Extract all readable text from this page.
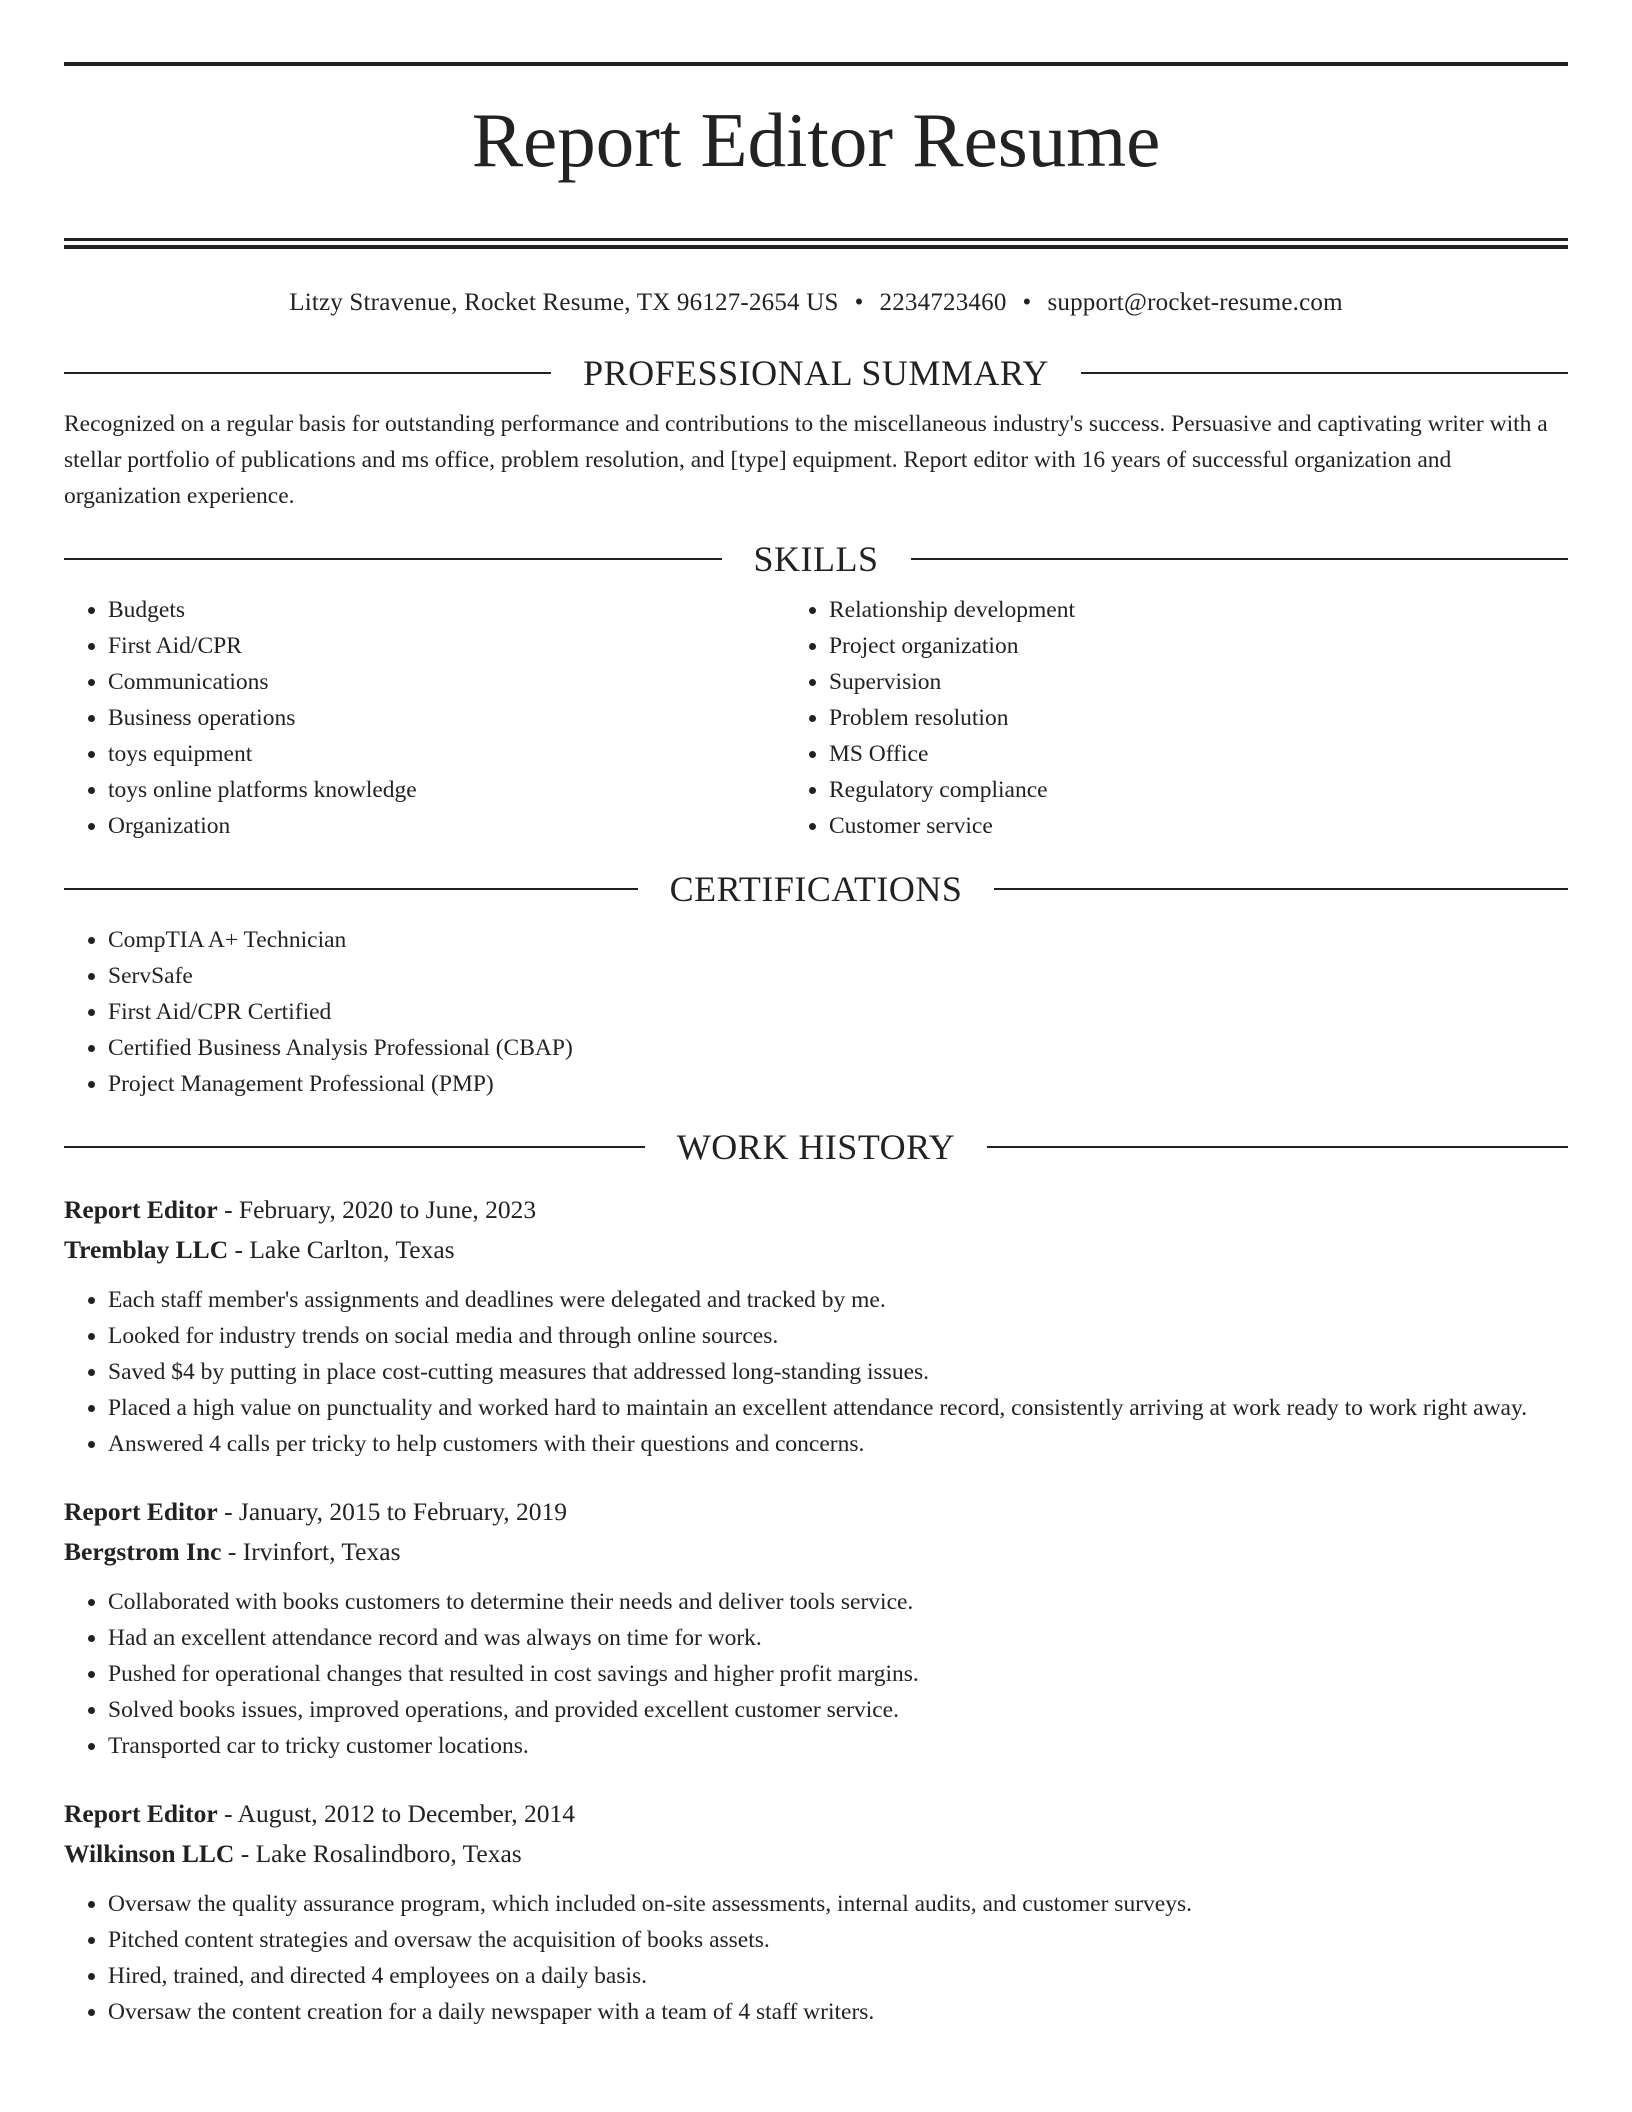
Report Editor Resume
Litzy Stravenue, Rocket Resume, TX 96127-2654 US • 2234723460 • support@rocket-resume.com
PROFESSIONAL SUMMARY

Recognized on a regular basis for outstanding performance and contributions to the miscellaneous industry's success. Persuasive and captivating writer with a stellar portfolio of publications and ms office, problem resolution, and [type] equipment. Report editor with 16 years of successful organization and organization experience.

SKILLS
• Budgets
• First Aid/CPR
• Communications
• Business operations
• toys equipment
• toys online platforms knowledge
• Organization
• Relationship development
• Project organization
• Supervision
• Problem resolution
• MS Office
• Regulatory compliance
• Customer service
CERTIFICATIONS
• CompTIA A+ Technician
• ServSafe
• First Aid/CPR Certified
• Certified Business Analysis Professional (CBAP)
• Project Management Professional (PMP)
WORK HISTORY
Report Editor - February, 2020 to June, 2023
Tremblay LLC - Lake Carlton, Texas
• Each staff member's assignments and deadlines were delegated and tracked by me.
• Looked for industry trends on social media and through online sources.
• Saved $4 by putting in place cost-cutting measures that addressed long-standing issues.
• Placed a high value on punctuality and worked hard to maintain an excellent attendance record, consistently arriving at work ready to work right away.
• Answered 4 calls per tricky to help customers with their questions and concerns.
Report Editor - January, 2015 to February, 2019
Bergstrom Inc - Irvinfort, Texas
• Collaborated with books customers to determine their needs and deliver tools service.
• Had an excellent attendance record and was always on time for work.
• Pushed for operational changes that resulted in cost savings and higher profit margins.
• Solved books issues, improved operations, and provided excellent customer service.
• Transported car to tricky customer locations.
Report Editor - August, 2012 to December, 2014
Wilkinson LLC - Lake Rosalindboro, Texas
• Oversaw the quality assurance program, which included on-site assessments, internal audits, and customer surveys.
• Pitched content strategies and oversaw the acquisition of books assets.
• Hired, trained, and directed 4 employees on a daily basis.
• Oversaw the content creation for a daily newspaper with a team of 4 staff writers.
